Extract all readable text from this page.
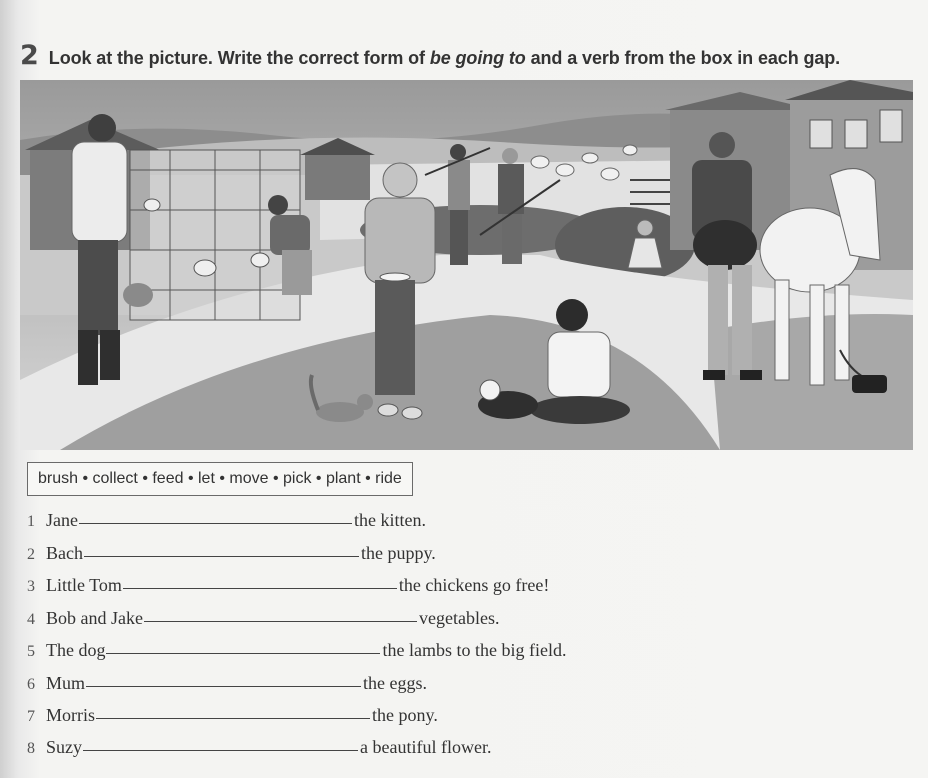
2 Look at the picture. Write the correct form of be going to and a verb from the box in each gap.
brush • collect • feed • let • move • pick • plant • ride
1 Jane	the kitten.
2 Bach	the puppy.
3 Little Tom	the chickens go free!
4 Bob and Jake	vegetables.
5 The dog	the lambs to the big field.
6 Mum	the eggs.
7 Morris	the pony.
8 Suzy	a beautiful flower.
